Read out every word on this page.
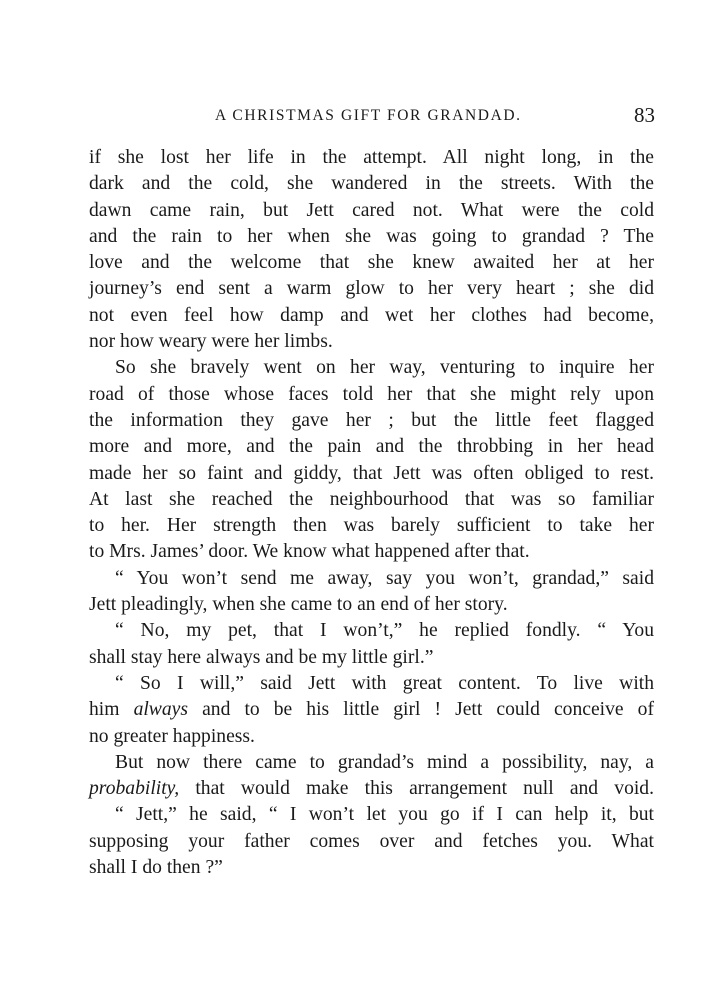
A CHRISTMAS GIFT FOR GRANDAD.	83
if she lost her life in the attempt. All night long, in the
dark and the cold, she wandered in the streets. With the
dawn came rain, but Jett cared not. What were the cold
and the rain to her when she was going to grandad ? The
love and the welcome that she knew awaited her at her
journey’s end sent a warm glow to her very heart ; she did
not even feel how damp and wet her clothes had become,
nor how weary were her limbs.
So she bravely went on her way, venturing to inquire her
road of those whose faces told her that she might rely upon
the information they gave her ; but the little feet flagged
more and more, and the pain and the throbbing in her head
made her so faint and giddy, that Jett was often obliged to rest.
At last she reached the neighbourhood that was so familiar
to her. Her strength then was barely sufficient to take her
to Mrs. James’ door. We know what happened after that.
“ You won’t send me away, say you won’t, grandad,” said
Jett pleadingly, when she came to an end of her story.
“ No, my pet, that I won’t,” he replied fondly. “ You
shall stay here always and be my little girl.”
“ So I will,” said Jett with great content. To live with
him always and to be his little girl ! Jett could conceive of
no greater happiness.
But now there came to grandad’s mind a possibility, nay, a
probability, that would make this arrangement null and void.
“ Jett,” he said, “ I won’t let you go if I can help it, but
supposing your father comes over and fetches you. What
shall I do then ?”
